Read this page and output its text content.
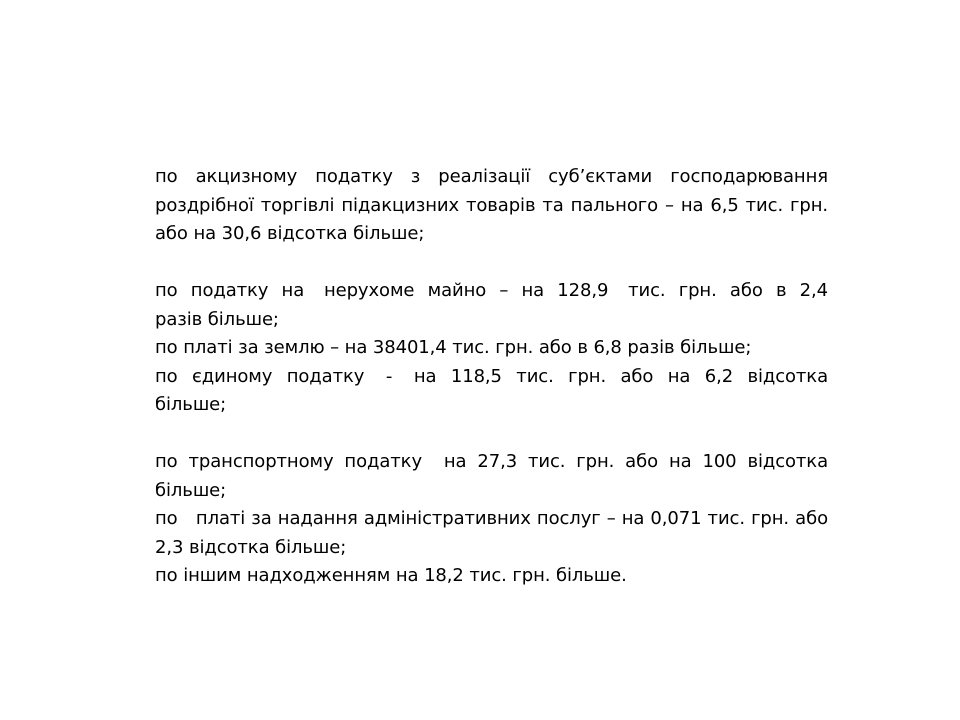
по  акцизному  податку  з  реалізації  суб’єктами  господарювання роздрібної торгівлі підакцизних товарів та пального – на 6,5 тис. грн. або на 30,6 відсотка більше;

по  податку  на   нерухоме  майно  –  на  128,9   тис.  грн.  або  в  2,4 разів більше;

по платі за землю – на 38401,4 тис. грн. або в 6,8 разів більше;

по  єдиному  податку   -   на  118,5  тис.  грн.  або  на  6,2  відсотка більше;

по транспортному податку  на 27,3 тис. грн. або на 100 відсотка більше;

по   платі за надання адміністративних послуг – на 0,071 тис. грн. або 2,3 відсотка більше;

по іншим надходженням на 18,2 тис. грн. більше.
